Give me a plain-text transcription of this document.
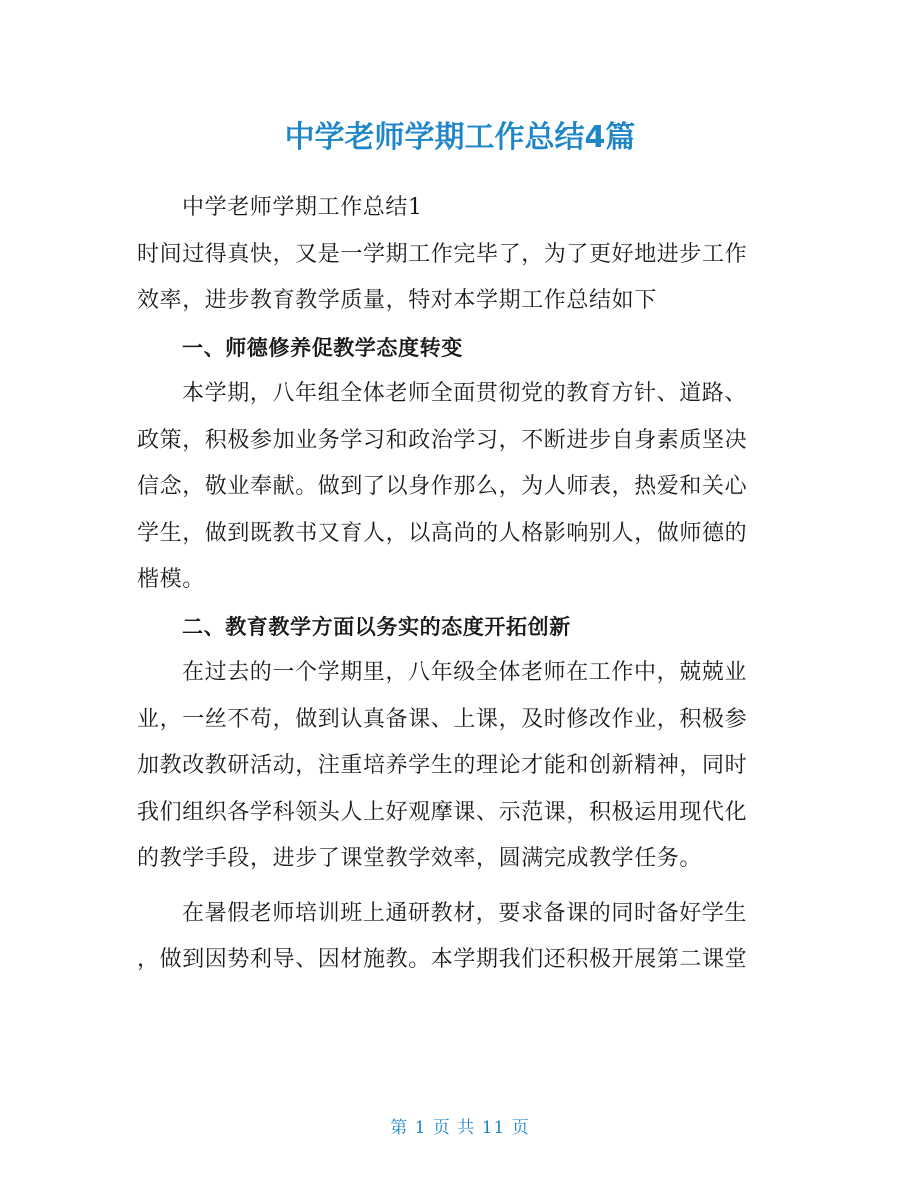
中学老师学期工作总结4篇
中学老师学期工作总结1
时间过得真快，又是一学期工作完毕了，为了更好地进步工作
效率，进步教育教学质量，特对本学期工作总结如下
一、师德修养促教学态度转变
本学期，八年组全体老师全面贯彻党的教育方针、道路、
政策，积极参加业务学习和政治学习，不断进步自身素质坚决
信念，敬业奉献。做到了以身作那么，为人师表，热爱和关心
学生，做到既教书又育人，以高尚的人格影响别人，做师德的
楷模。
二、教育教学方面以务实的态度开拓创新
在过去的一个学期里，八年级全体老师在工作中，兢兢业
业，一丝不苟，做到认真备课、上课，及时修改作业，积极参
加教改教研活动，注重培养学生的理论才能和创新精神，同时
我们组织各学科领头人上好观摩课、示范课，积极运用现代化
的教学手段，进步了课堂教学效率，圆满完成教学任务。
在暑假老师培训班上通研教材，要求备课的同时备好学生
，做到因势利导、因材施教。本学期我们还积极开展第二课堂
第 1 页 共 11 页
